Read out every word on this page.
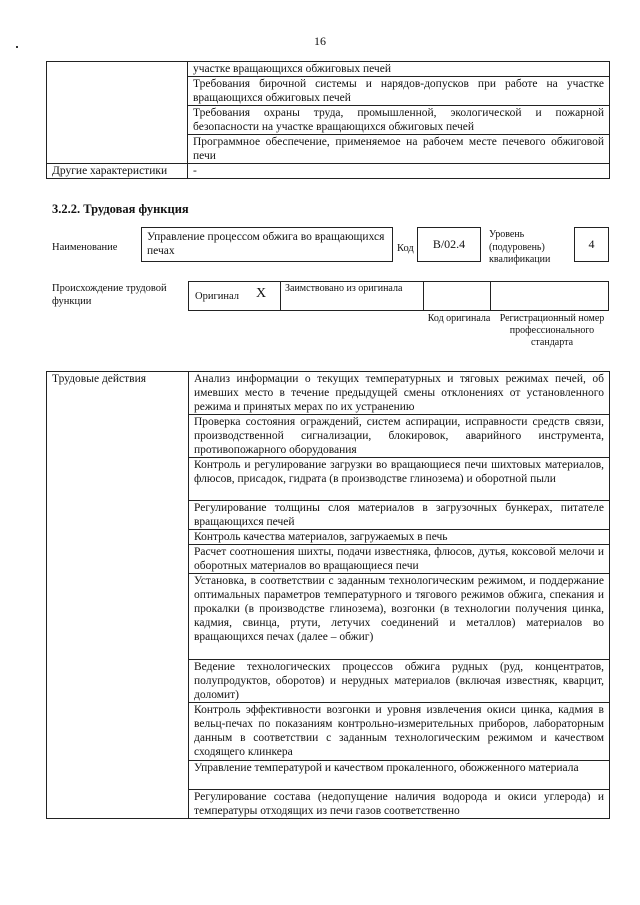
16
	участке вращающихся обжиговых печей
	Требования бирочной системы и нарядов-допусков при работе на участке вращающихся обжиговых печей
	Требования охраны труда, промышленной, экологической и пожарной безопасности на участке вращающихся обжиговых печей
	Программное обеспечение, применяемое на рабочем месте печевого обжиговой печи
Другие характеристики	-
3.2.2. Трудовая функция
Наименование
Управление процессом обжига во вращающихся печах	Код	В/02.4
Уровень (подуровень) квалификации
4
Происхождение трудовой функции	Оригинал X Заимствовано из оригинала
Код оригинала Регистрационный номер профессионального стандарта
Трудовые действия	Анализ информации о текущих температурных и тяговых режимах печей, об имевших место в течение предыдущей смены отклонениях от установленного режима и принятых мерах по их устранению
Проверка состояния ограждений, систем аспирации, исправности средств связи, производственной сигнализации, блокировок, аварийного инструмента, противопожарного оборудования
Контроль и регулирование загрузки во вращающиеся печи шихтовых материалов, флюсов, присадок, гидрата (в производстве глинозема) и оборотной пыли
Регулирование толщины слоя материалов в загрузочных бункерах, питателе вращающихся печей
Контроль качества материалов, загружаемых в печь
Расчет соотношения шихты, подачи известняка, флюсов, дутья, коксовой мелочи и оборотных материалов во вращающиеся печи
Установка, в соответствии с заданным технологическим режимом, и поддержание оптимальных параметров температурного и тягового режимов обжига, спекания и прокалки (в производстве глинозема), возгонки (в технологии получения цинка, кадмия, свинца, ртути, летучих соединений и металлов) материалов во вращающихся печах (далее – обжиг)
Ведение технологических процессов обжига рудных (руд, концентратов, полупродуктов, оборотов) и нерудных материалов (включая известняк, кварцит, доломит)
Контроль эффективности возгонки и уровня извлечения окиси цинка, кадмия в вельц-печах по показаниям контрольно-измерительных приборов, лабораторным данным в соответствии с заданным технологическим режимом и качеством сходящего клинкера
Управление температурой и качеством прокаленного, обожженного материала
Регулирование состава (недопущение наличия водорода и окиси углерода) и температуры отходящих из печи газов соответственно
